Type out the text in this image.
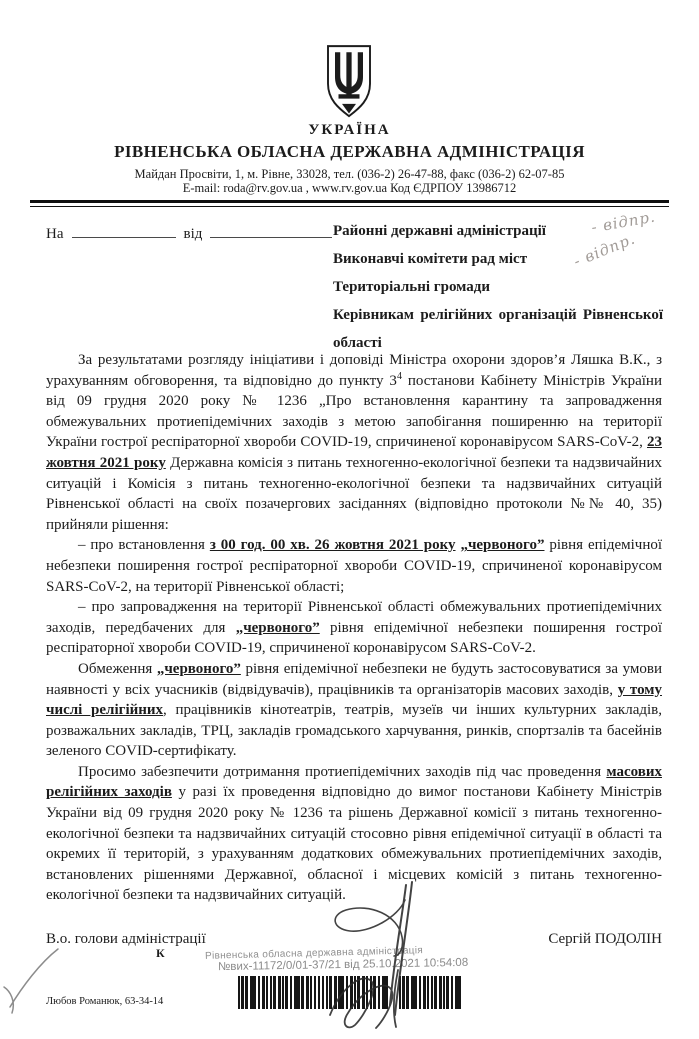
УКРАЇНА
РІВНЕНСЬКА ОБЛАСНА ДЕРЖАВНА АДМІНІСТРАЦІЯ
Майдан Просвіти, 1, м. Рівне, 33028, тел. (036-2) 26-47-88, факс (036-2) 62-07-85
E-mail: roda@rv.gov.ua , www.rv.gov.ua Код ЄДРПОУ 13986712
На	від	Районні державні адміністрації
Виконавчі комітети рад міст
Територіальні громади
Керівникам релігійних організацій Рівненської області
- відпр.
- відпр.

За результатами розгляду ініціативи і доповіді Міністра охорони здоров’я Ляшка В.К., з урахуванням обговорення, та відповідно до пункту $3^4$ постанови Кабінету Міністрів України від 09 грудня 2020 року № 1236 „Про встановлення карантину та запровадження обмежувальних протиепідемічних заходів з метою запобігання поширенню на території України гострої респіраторної хвороби COVID-19, спричиненої коронавірусом SARS-CoV-2, 23 жовтня 2021 року Державна комісія з питань техногенно-екологічної безпеки та надзвичайних ситуацій і Комісія з питань техногенно-екологічної безпеки та надзвичайних ситуацій Рівненської області на своїх позачергових засіданнях (відповідно протоколи №№ 40, 35) прийняли рішення:

– про встановлення з 00 год. 00 хв. 26 жовтня 2021 року „червоного” рівня епідемічної небезпеки поширення гострої респіраторної хвороби COVID-19, спричиненої коронавірусом SARS-CoV-2, на території Рівненської області;

– про запровадження на території Рівненської області обмежувальних протиепідемічних заходів, передбачених для „червоного” рівня епідемічної небезпеки поширення гострої респіраторної хвороби COVID-19, спричиненої коронавірусом SARS-CoV-2.

Обмеження „червоного” рівня епідемічної небезпеки не будуть застосовуватися за умови наявності у всіх учасників (відвідувачів), працівників та організаторів масових заходів, у тому числі релігійних, працівників кінотеатрів, театрів, музеїв чи інших культурних закладів, розважальних закладів, ТРЦ, закладів громадського харчування, ринків, спортзалів та басейнів зеленого COVID-сертифікату.

Просимо забезпечити дотримання протиепідемічних заходів під час проведення масових релігійних заходів у разі їх проведення відповідно до вимог постанови Кабінету Міністрів України від 09 грудня 2020 року № 1236 та рішень Державної комісії з питань техногенно-екологічної безпеки та надзвичайних ситуацій стосовно рівня епідемічної ситуації в області та окремих її територій, з урахуванням додаткових обмежувальних протиепідемічних заходів, встановлених рішеннями Державної, обласної і місцевих комісій з питань техногенно-екологічної безпеки та надзвичайних ситуацій.

В.о. голови адміністрації	Сергій ПОДОЛІН
К	Рівненська обласна державна адміністрація
№вих-11172/0/01-37/21 від 25.10.2021 10:54:08
Любов Романюк, 63-34-14
